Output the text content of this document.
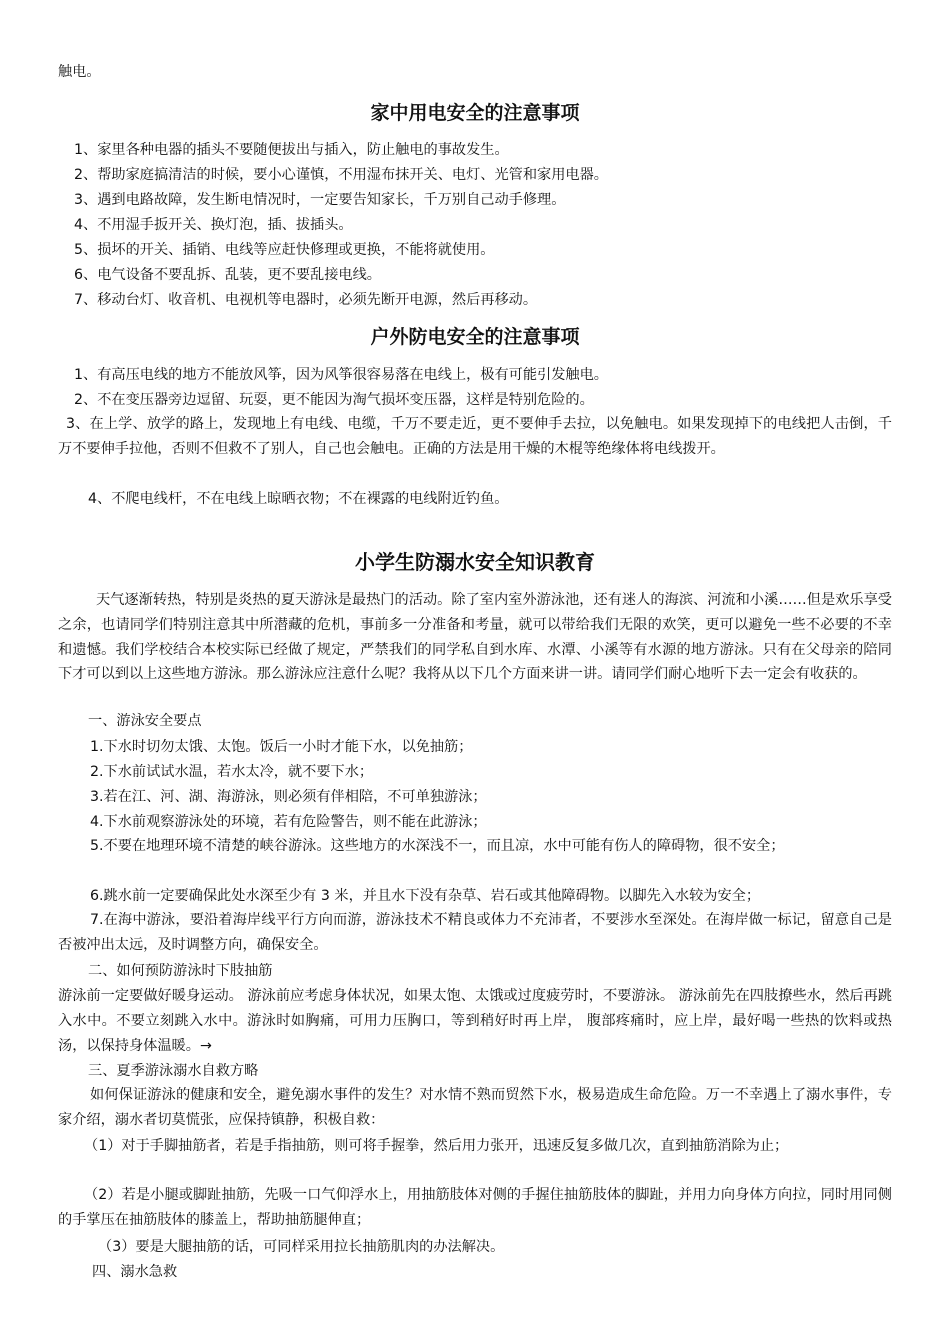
触电。
家中用电安全的注意事项
1、家里各种电器的插头不要随便拔出与插入，防止触电的事故发生。
2、帮助家庭搞清洁的时候，要小心谨慎，不用湿布抹开关、电灯、光管和家用电器。
3、遇到电路故障，发生断电情况时，一定要告知家长，千万别自己动手修理。
4、不用湿手扳开关、换灯泡，插、拔插头。
5、损坏的开关、插销、电线等应赶快修理或更换，不能将就使用。
6、电气设备不要乱拆、乱装，更不要乱接电线。
7、移动台灯、收音机、电视机等电器时，必须先断开电源，然后再移动。
户外防电安全的注意事项
1、有高压电线的地方不能放风筝，因为风筝很容易落在电线上，极有可能引发触电。
2、不在变压器旁边逗留、玩耍，更不能因为淘气损坏变压器，这样是特别危险的。
3、在上学、放学的路上，发现地上有电线、电缆，千万不要走近，更不要伸手去拉，以免触电。如果发现掉下的电线把人击倒，千万不要伸手拉他，否则不但救不了别人，自己也会触电。正确的方法是用干燥的木棍等绝缘体将电线拨开。
4、不爬电线杆，不在电线上晾晒衣物；不在裸露的电线附近钓鱼。
小学生防溺水安全知识教育
天气逐渐转热，特别是炎热的夏天游泳是最热门的活动。除了室内室外游泳池，还有迷人的海滨、河流和小溪……但是欢乐享受之余，也请同学们特别注意其中所潜藏的危机，事前多一分准备和考量，就可以带给我们无限的欢笑，更可以避免一些不必要的不幸和遗憾。我们学校结合本校实际已经做了规定，严禁我们的同学私自到水库、水潭、小溪等有水源的地方游泳。只有在父母亲的陪同下才可以到以上这些地方游泳。那么游泳应注意什么呢？我将从以下几个方面来讲一讲。请同学们耐心地听下去一定会有收获的。
一、游泳安全要点
1.下水时切勿太饿、太饱。饭后一小时才能下水，以免抽筋；
2.下水前试试水温，若水太冷，就不要下水；
3.若在江、河、湖、海游泳，则必须有伴相陪，不可单独游泳；
4.下水前观察游泳处的环境，若有危险警告，则不能在此游泳；
5.不要在地理环境不清楚的峡谷游泳。这些地方的水深浅不一，而且凉，水中可能有伤人的障碍物，很不安全；
6.跳水前一定要确保此处水深至少有 3 米，并且水下没有杂草、岩石或其他障碍物。以脚先入水较为安全；
7.在海中游泳，要沿着海岸线平行方向而游，游泳技术不精良或体力不充沛者，不要涉水至深处。在海岸做一标记，留意自己是否被冲出太远，及时调整方向，确保安全。
二、如何预防游泳时下肢抽筋
游泳前一定要做好暖身运动。 游泳前应考虑身体状况，如果太饱、太饿或过度疲劳时，不要游泳。 游泳前先在四肢撩些水，然后再跳入水中。不要立刻跳入水中。游泳时如胸痛，可用力压胸口，等到稍好时再上岸， 腹部疼痛时，应上岸，最好喝一些热的饮料或热汤，以保持身体温暖。→
三、夏季游泳溺水自救方略
如何保证游泳的健康和安全，避免溺水事件的发生？对水情不熟而贸然下水，极易造成生命危险。万一不幸遇上了溺水事件，专家介绍，溺水者切莫慌张，应保持镇静，积极自救：
（1）对于手脚抽筋者，若是手指抽筋，则可将手握拳，然后用力张开，迅速反复多做几次，直到抽筋消除为止；
（2）若是小腿或脚趾抽筋，先吸一口气仰浮水上，用抽筋肢体对侧的手握住抽筋肢体的脚趾，并用力向身体方向拉，同时用同侧的手掌压在抽筋肢体的膝盖上，帮助抽筋腿伸直；
（3）要是大腿抽筋的话，可同样采用拉长抽筋肌肉的办法解决。
四、溺水急救
